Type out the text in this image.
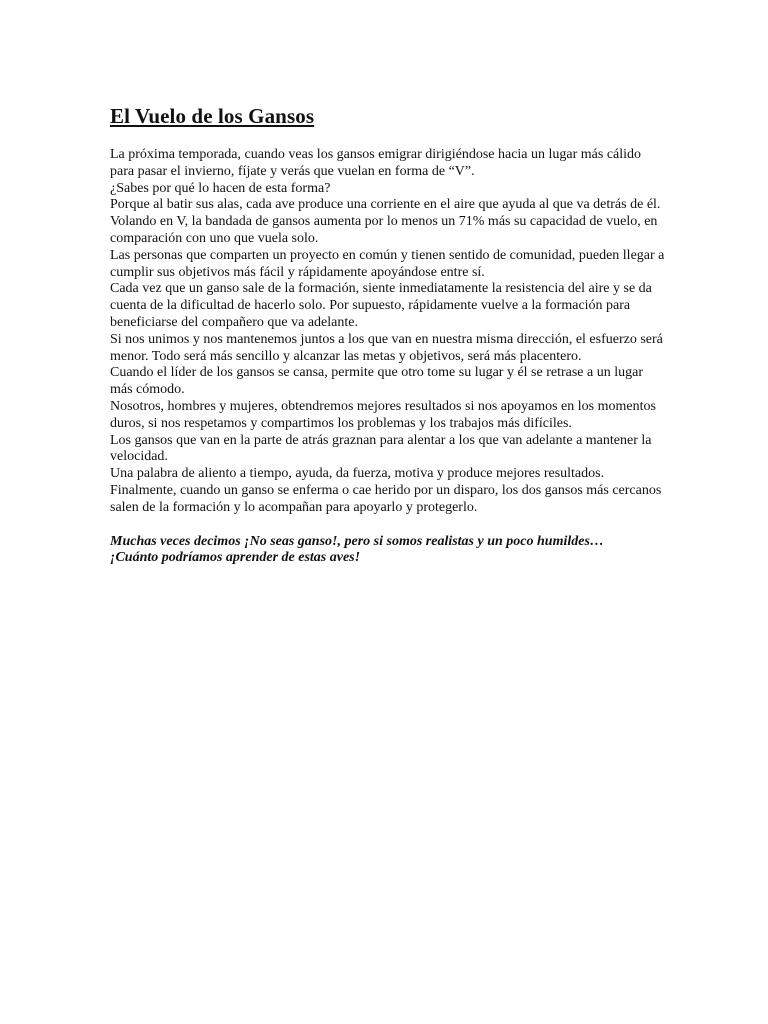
El Vuelo de los Gansos

La próxima temporada, cuando veas los gansos emigrar dirigiéndose hacia un lugar más cálido para pasar el invierno, fíjate y verás que vuelan en forma de “V”.

¿Sabes por qué lo hacen de esta forma?

Porque al batir sus alas, cada ave produce una corriente en el aire que ayuda al que va detrás de él. Volando en V, la bandada de gansos aumenta por lo menos un 71% más su capacidad de vuelo, en comparación con uno que vuela solo.

Las personas que comparten un proyecto en común y tienen sentido de comunidad, pueden llegar a cumplir sus objetivos más fácil y rápidamente apoyándose entre sí.

Cada vez que un ganso sale de la formación, siente inmediatamente la resistencia del aire y se da cuenta de la dificultad de hacerlo solo. Por supuesto, rápidamente vuelve a la formación para beneficiarse del compañero que va adelante.

Si nos unimos y nos mantenemos juntos a los que van en nuestra misma dirección, el esfuerzo será menor. Todo será más sencillo y alcanzar las metas y objetivos, será más placentero.

Cuando el líder de los gansos se cansa, permite que otro tome su lugar y él se retrase a un lugar más cómodo.

Nosotros, hombres y mujeres, obtendremos mejores resultados si nos apoyamos en los momentos duros, si nos respetamos y compartimos los problemas y los trabajos más difíciles.

Los gansos que van en la parte de atrás graznan para alentar a los que van adelante a mantener la velocidad.

Una palabra de aliento a tiempo, ayuda, da fuerza, motiva y produce mejores resultados.

Finalmente, cuando un ganso se enferma o cae herido por un disparo, los dos gansos más cercanos salen de la formación y lo acompañan para apoyarlo y protegerlo.

Muchas veces decimos ¡No seas ganso!, pero si somos realistas y un poco humildes…

¡Cuánto podríamos aprender de estas aves!
